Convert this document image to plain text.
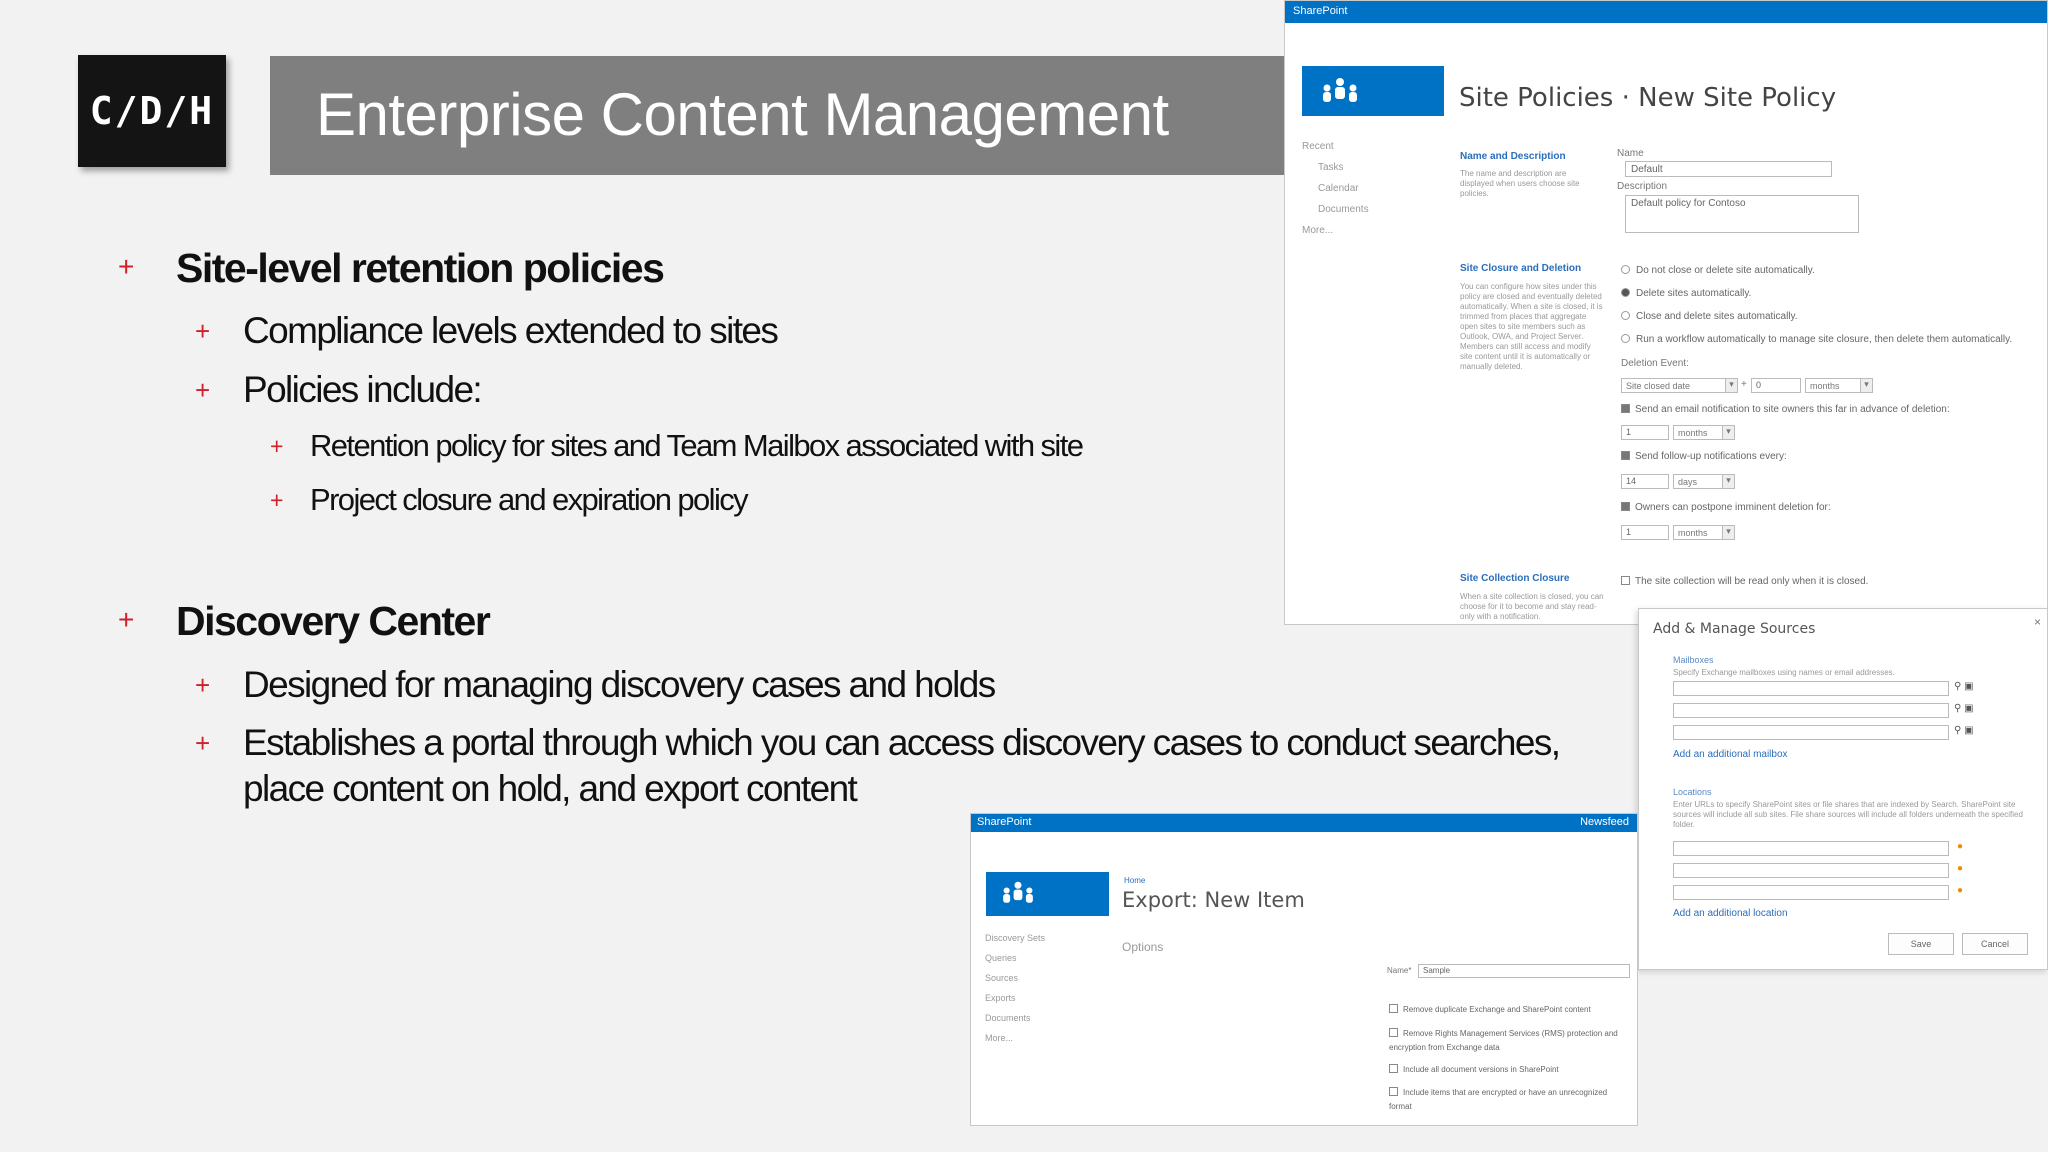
C/D/H Enterprise Content Management
+ Site-level retention policies
+ Compliance levels extended to sites
+ Policies include:
+ Retention policy for sites and Team Mailbox associated with site
+ Project closure and expiration policy
+ Discovery Center
+ Designed for managing discovery cases and holds
+ Establishes a portal through which you can access discovery cases to conduct searches,
place content on hold, and export content
SharePoint
Site Policies · New Site Policy
Recent
Tasks
Calendar
Documents
More...
Name and Description
The name and description are displayed when users choose site policies.
Name
Default
Description
Default policy for Contoso
Site Closure and Deletion
You can configure how sites under this policy are closed and eventually deleted automatically. When a site is closed, it is trimmed from places that aggregate open sites to site members such as Outlook, OWA, and Project Server. Members can still access and modify site content until it is automatically or manually deleted.
Do not close or delete site automatically.
Delete sites automatically.
Close and delete sites automatically.
Run a workflow automatically to manage site closure, then delete them automatically.
Deletion Event:
Site closed date ▾	+	0	months ▾
Send an email notification to site owners this far in advance of deletion:
1	months ▾
Send follow-up notifications every:
14	days ▾
Owners can postpone imminent deletion for:
1	months ▾
Site Collection Closure
When a site collection is closed, you can choose for it to become and stay read-only with a notification.
The site collection will be read only when it is closed.
Add & Manage Sources	×
Mailboxes
Specify Exchange mailboxes using names or email addresses.
⚲ ▣
⚲ ▣
⚲ ▣
Add an additional mailbox
Locations
Enter URLs to specify SharePoint sites or file shares that are indexed by Search. SharePoint site sources will include all sub sites. File share sources will include all folders underneath the specified folder.
●
●
●
Add an additional location
Save	Cancel
SharePoint	Newsfeed
Home
Export: New Item
Discovery Sets
Queries
Sources
Exports
Documents
More...
Options
Name*	Sample
Remove duplicate Exchange and SharePoint content
Remove Rights Management Services (RMS) protection and encryption from Exchange data
Include all document versions in SharePoint
Include items that are encrypted or have an unrecognized format
